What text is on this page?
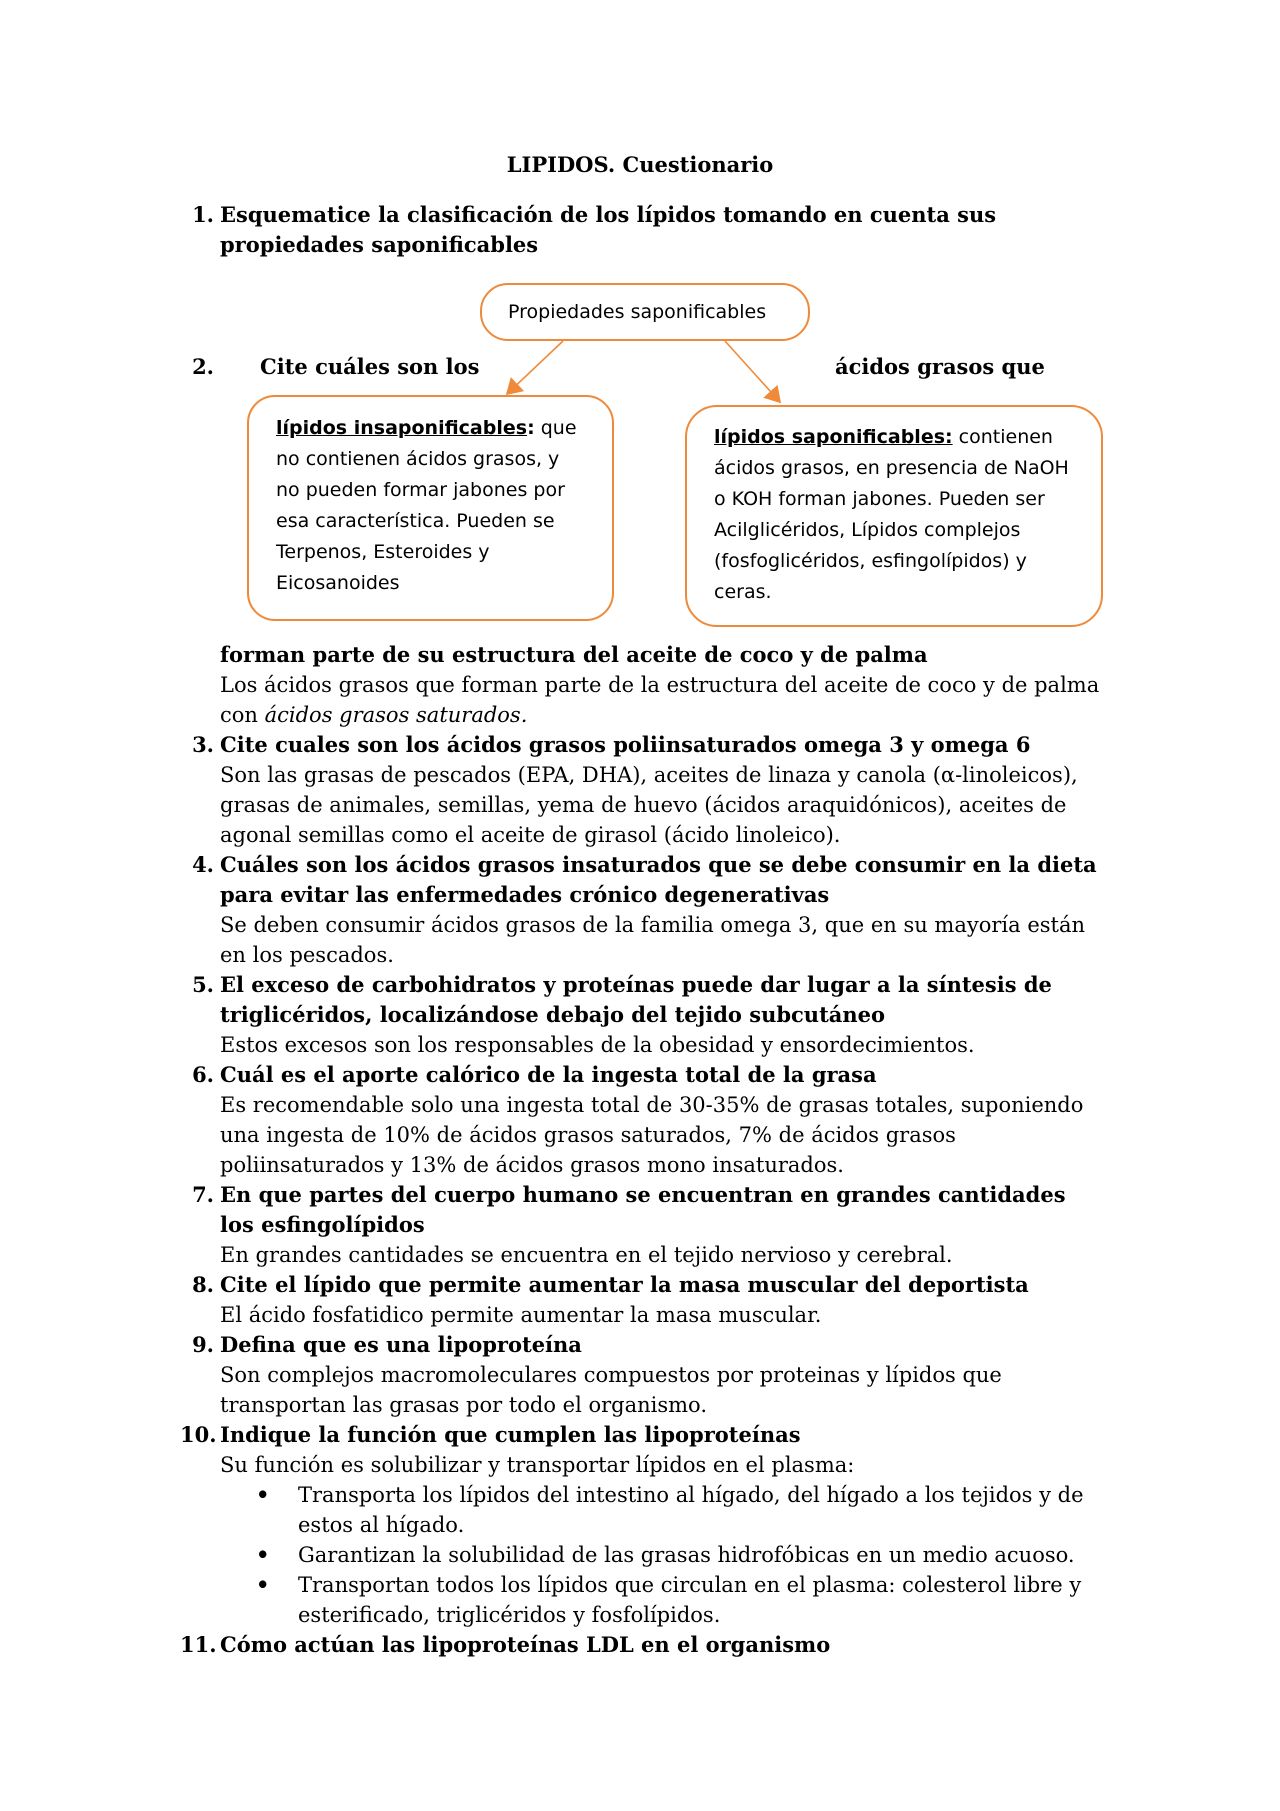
LIPIDOS. Cuestionario
1. Esquematice la clasificación de los lípidos tomando en cuenta sus propiedades saponificables
Propiedades saponificables
2. Cite cuáles son los	ácidos grasos que
lípidos insaponificables: que no contienen ácidos grasos, y no pueden formar jabones por esa característica. Pueden se Terpenos, Esteroides y Eicosanoides
lípidos saponificables: contienen ácidos grasos, en presencia de NaOH o KOH forman jabones. Pueden ser Acilglicéridos, Lípidos complejos (fosfoglicéridos, esfingolípidos) y ceras.
forman parte de su estructura del aceite de coco y de palma
Los ácidos grasos que forman parte de la estructura del aceite de coco y de palma con ácidos grasos saturados.
3. Cite cuales son los ácidos grasos poliinsaturados omega 3 y omega 6
Son las grasas de pescados (EPA, DHA), aceites de linaza y canola (α-linoleicos), grasas de animales, semillas, yema de huevo (ácidos araquidónicos), aceites de agonal semillas como el aceite de girasol (ácido linoleico).
4. Cuáles son los ácidos grasos insaturados que se debe consumir en la dieta para evitar las enfermedades crónico degenerativas
Se deben consumir ácidos grasos de la familia omega 3, que en su mayoría están en los pescados.
5. El exceso de carbohidratos y proteínas puede dar lugar a la síntesis de triglicéridos, localizándose debajo del tejido subcutáneo
Estos excesos son los responsables de la obesidad y ensordecimientos.
6. Cuál es el aporte calórico de la ingesta total de la grasa
Es recomendable solo una ingesta total de 30-35% de grasas totales, suponiendo una ingesta de 10% de ácidos grasos saturados, 7% de ácidos grasos poliinsaturados y 13% de ácidos grasos mono insaturados.
7. En que partes del cuerpo humano se encuentran en grandes cantidades los esfingolípidos
En grandes cantidades se encuentra en el tejido nervioso y cerebral.
8. Cite el lípido que permite aumentar la masa muscular del deportista
El ácido fosfatidico permite aumentar la masa muscular.
9. Defina que es una lipoproteína
Son complejos macromoleculares compuestos por proteinas y lípidos que transportan las grasas por todo el organismo.
10. Indique la función que cumplen las lipoproteínas
Su función es solubilizar y transportar lípidos en el plasma:
• Transporta los lípidos del intestino al hígado, del hígado a los tejidos y de estos al hígado.
• Garantizan la solubilidad de las grasas hidrofóbicas en un medio acuoso.
• Transportan todos los lípidos que circulan en el plasma: colesterol libre y esterificado, triglicéridos y fosfolípidos.
11. Cómo actúan las lipoproteínas LDL en el organismo
